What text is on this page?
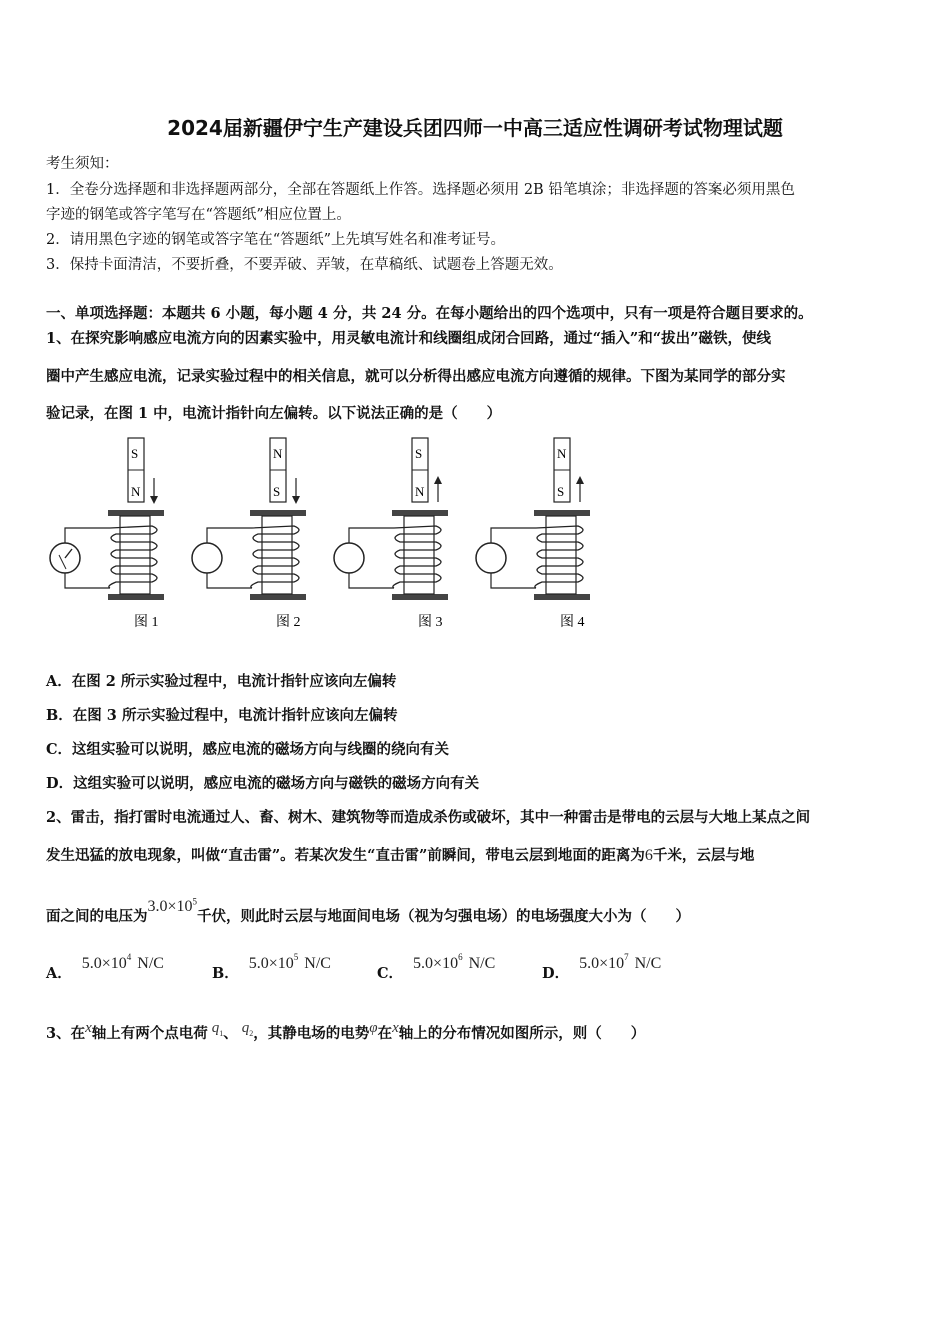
2024届新疆伊宁生产建设兵团四师一中高三适应性调研考试物理试题
考生须知：
1．全卷分选择题和非选择题两部分，全部在答题纸上作答。选择题必须用 2B 铅笔填涂；非选择题的答案必须用黑色
字迹的钢笔或答字笔写在“答题纸”相应位置上。
2．请用黑色字迹的钢笔或答字笔在“答题纸”上先填写姓名和准考证号。
3．保持卡面清洁，不要折叠，不要弄破、弄皱，在草稿纸、试题卷上答题无效。
一、单项选择题：本题共 6 小题，每小题 4 分，共 24 分。在每小题给出的四个选项中，只有一项是符合题目要求的。
1、在探究影响感应电流方向的因素实验中，用灵敏电流计和线圈组成闭合回路，通过“插入”和“拔出”磁铁，使线
圈中产生感应电流，记录实验过程中的相关信息，就可以分析得出感应电流方向遵循的规律。下图为某同学的部分实
验记录，在图 1 中，电流计指针向左偏转。以下说法正确的是（　　）
S
N
图 1
N
S
图 2
S
N
图 3
N
S
图 4
A．在图 2 所示实验过程中，电流计指针应该向左偏转
B．在图 3 所示实验过程中，电流计指针应该向左偏转
C．这组实验可以说明，感应电流的磁场方向与线圈的绕向有关
D．这组实验可以说明，感应电流的磁场方向与磁铁的磁场方向有关
2、雷击，指打雷时电流通过人、畜、树木、建筑物等而造成杀伤或破坏，其中一种雷击是带电的云层与大地上某点之间
发生迅猛的放电现象，叫做“直击雷”。若某次发生“直击雷”前瞬间，带电云层到地面的距离为6千米，云层与地
面之间的电压为$3.0\times 10^5$千伏，则此时云层与地面间电场（视为匀强电场）的电场强度大小为（　　）
A．$5.0\times 10^4$ N/C
B．$5.0\times 10^5$ N/C
C．$5.0\times 10^6$ N/C
D．$5.0\times 10^7$ N/C
3、在x轴上有两个点电荷 $q_1$、 $q_2$，其静电场的电势φ在x轴上的分布情况如图所示，则（　　）
